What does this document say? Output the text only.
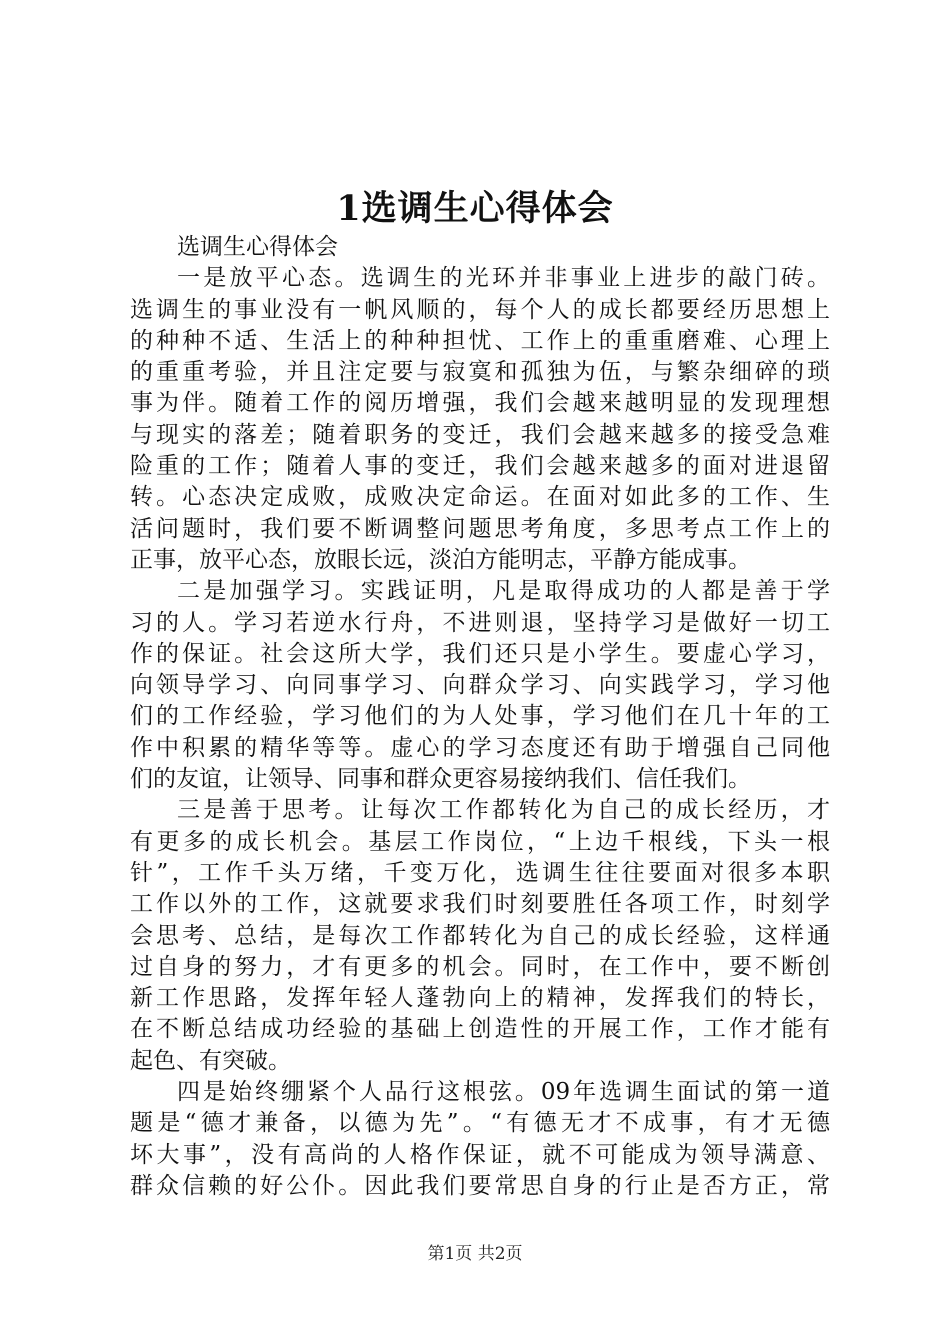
1选调生心得体会
选调生心得体会
一是放平心态。选调生的光环并非事业上进步的敲门砖。
选调生的事业没有一帆风顺的，每个人的成长都要经历思想上
的种种不适、生活上的种种担忧、工作上的重重磨难、心理上
的重重考验，并且注定要与寂寞和孤独为伍，与繁杂细碎的琐
事为伴。随着工作的阅历增强，我们会越来越明显的发现理想
与现实的落差；随着职务的变迁，我们会越来越多的接受急难
险重的工作；随着人事的变迁，我们会越来越多的面对进退留
转。心态决定成败，成败决定命运。在面对如此多的工作、生
活问题时，我们要不断调整问题思考角度，多思考点工作上的
正事，放平心态，放眼长远，淡泊方能明志，平静方能成事。
二是加强学习。实践证明，凡是取得成功的人都是善于学
习的人。学习若逆水行舟，不进则退，坚持学习是做好一切工
作的保证。社会这所大学，我们还只是小学生。要虚心学习，
向领导学习、向同事学习、向群众学习、向实践学习，学习他
们的工作经验，学习他们的为人处事，学习他们在几十年的工
作中积累的精华等等。虚心的学习态度还有助于增强自己同他
们的友谊，让领导、同事和群众更容易接纳我们、信任我们。
三是善于思考。让每次工作都转化为自己的成长经历，才
有更多的成长机会。基层工作岗位，“上边千根线，下头一根
针”，工作千头万绪，千变万化，选调生往往要面对很多本职
工作以外的工作，这就要求我们时刻要胜任各项工作，时刻学
会思考、总结，是每次工作都转化为自己的成长经验，这样通
过自身的努力，才有更多的机会。同时，在工作中，要不断创
新工作思路，发挥年轻人蓬勃向上的精神，发挥我们的特长，
在不断总结成功经验的基础上创造性的开展工作，工作才能有
起色、有突破。
四是始终绷紧个人品行这根弦。09年选调生面试的第一道
题是“德才兼备，以德为先”。“有德无才不成事，有才无德
坏大事”，没有高尚的人格作保证，就不可能成为领导满意、
群众信赖的好公仆。因此我们要常思自身的行止是否方正，常
第1页 共2页
